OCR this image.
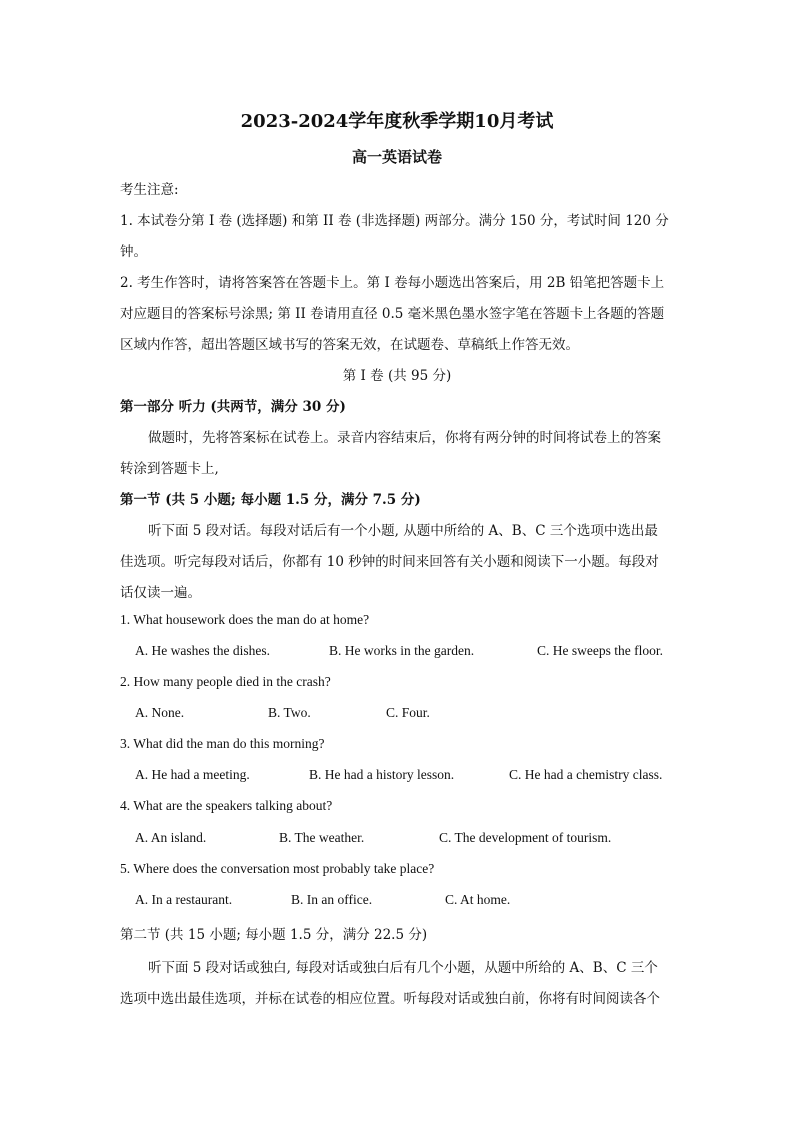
2023-2024学年度秋季学期10月考试
高一英语试卷
考生注意:
1. 本试卷分第 I 卷 (选择题) 和第 II 卷 (非选择题) 两部分。满分 150 分，考试时间 120 分
钟。
2. 考生作答时，请将答案答在答题卡上。第 I 卷每小题选出答案后，用 2B 铅笔把答题卡上
对应题目的答案标号涂黑; 第 II 卷请用直径 0.5 毫米黑色墨水签字笔在答题卡上各题的答题
区域内作答，超出答题区域书写的答案无效，在试题卷、草稿纸上作答无效。
第 I 卷 (共 95 分)
第一部分 听力 (共两节，满分 30 分)
做题时，先将答案标在试卷上。录音内容结束后，你将有两分钟的时间将试卷上的答案
转涂到答题卡上,
第一节 (共 5 小题; 每小题 1.5 分，满分 7.5 分)
听下面 5 段对话。每段对话后有一个小题, 从题中所给的 A、B、C 三个选项中选出最
佳选项。听完每段对话后，你都有 10 秒钟的时间来回答有关小题和阅读下一小题。每段对
话仅读一遍。
1. What housework does the man do at home?
A. He washes the dishes.	B. He works in the garden.	C. He sweeps the floor.
2. How many people died in the crash?
A. None.	B. Two.	C. Four.
3. What did the man do this morning?
A. He had a meeting.	B. He had a history lesson.	C. He had a chemistry class.
4. What are the speakers talking about?
A. An island.	B. The weather.	C. The development of tourism.
5. Where does the conversation most probably take place?
A. In a restaurant.	B. In an office.	C. At home.
第二节 (共 15 小题; 每小题 1.5 分，满分 22.5 分)
听下面 5 段对话或独白, 每段对话或独白后有几个小题，从题中所给的 A、B、C 三个
选项中选出最佳选项，并标在试卷的相应位置。听每段对话或独白前，你将有时间阅读各个
